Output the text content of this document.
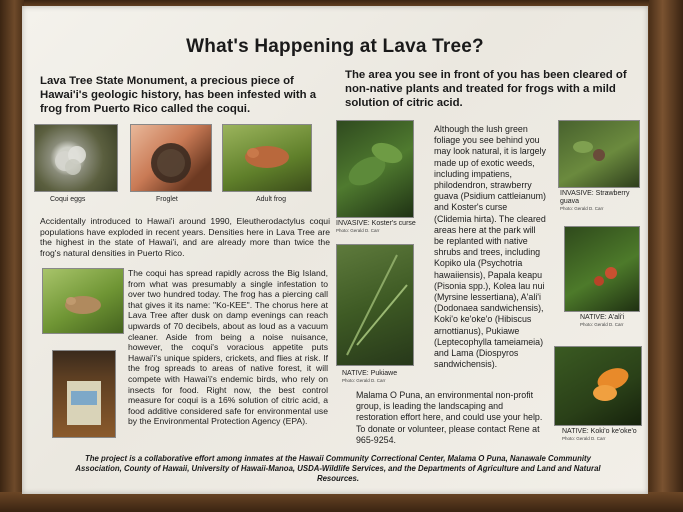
What's Happening at Lava Tree?
Lava Tree State Monument, a precious piece of Hawai'i's geologic history, has been infested with a frog from Puerto Rico called the coqui.
The area you see in front of you has been cleared of non-native plants and treated for frogs with a mild solution of citric acid.
Coqui eggs	Froglet	Adult frog
Accidentally introduced to Hawai'i around 1990, Eleutherodactylus coqui populations have exploded in recent years. Densities here in Lava Tree are the highest in the state of Hawai'i, and are already more than twice the frog's natural densities in Puerto Rico.
The coqui has spread rapidly across the Big Island, from what was presumably a single infestation to over two hundred today. The frog has a piercing call that gives it its name: "Ko-KEE". The chorus here at Lava Tree after dusk on damp evenings can reach upwards of 70 decibels, about as loud as a vacuum cleaner. Aside from being a noise nuisance, however, the coqui's voracious appetite puts Hawai'i's unique spiders, crickets, and flies at risk. If the frog spreads to areas of native forest, it will compete with Hawai'i's endemic birds, who rely on insects for food. Right now, the best control measure for coqui is a 16% solution of citric acid, a food additive considered safe for environmental use by the Environmental Protection Agency (EPA).
INVASIVE: Koster's curse
Photo: Gerald D. Carr
NATIVE: Pukiawe
Photo: Gerald D. Carr
Although the lush green foliage you see behind you may look natural, it is largely made up of exotic weeds, including impatiens, philodendron, strawberry guava (Psidium cattleianum) and Koster's curse (Clidemia hirta). The cleared areas here at the park will be replanted with native shrubs and trees, including Kopiko ula (Psychotria hawaiiensis), Papala keapu (Pisonia spp.), Kolea lau nui (Myrsine lessertiana), A'ali'i (Dodonaea sandwichensis), Koki'o ke'oke'o (Hibiscus arnottianus), Pukiawe (Leptecophylla tameiameia) and Lama (Diospyros sandwichensis).
INVASIVE: Strawberry guava
Photo: Gerald D. Carr
NATIVE: A'ali'i
Photo: Gerald D. Carr
NATIVE: Koki'o ke'oke'o
Photo: Gerald D. Carr
Malama O Puna, an environmental non-profit group, is leading the landscaping and restoration effort here, and could use your help. To donate or volunteer, please contact Rene at 965-9254.
The project is a collaborative effort among inmates at the Hawaii Community Correctional Center, Malama O Puna, Nanawale Community Association, County of Hawaii, University of Hawaii-Manoa, USDA-Wildlife Services, and the Departments of Agriculture and Land and Natural Resources.
